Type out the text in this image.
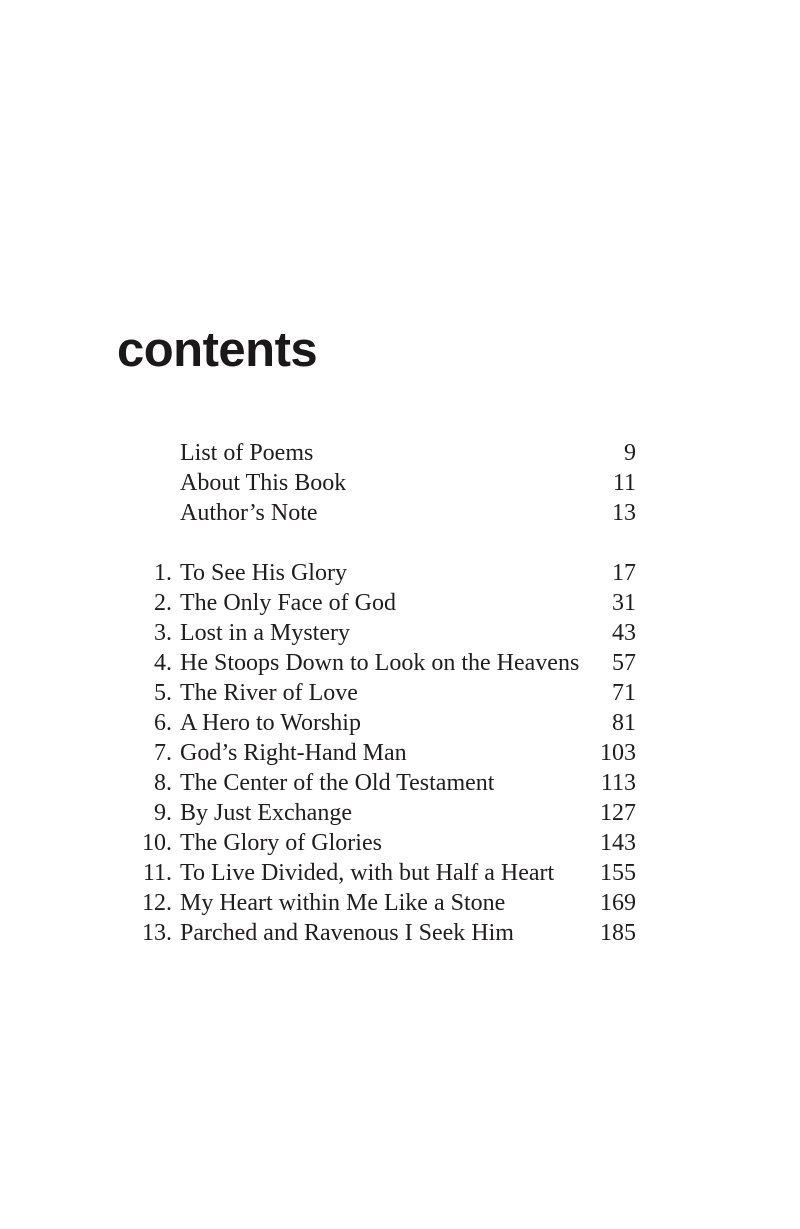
contents
List of Poems	9
About This Book	11
Author’s Note	13
1. To See His Glory	17
2. The Only Face of God	31
3. Lost in a Mystery	43
4. He Stoops Down to Look on the Heavens	57
5. The River of Love	71
6. A Hero to Worship	81
7. God’s Right-Hand Man	103
8. The Center of the Old Testament	113
9. By Just Exchange	127
10. The Glory of Glories	143
11. To Live Divided, with but Half a Heart	155
12. My Heart within Me Like a Stone	169
13. Parched and Ravenous I Seek Him	185
